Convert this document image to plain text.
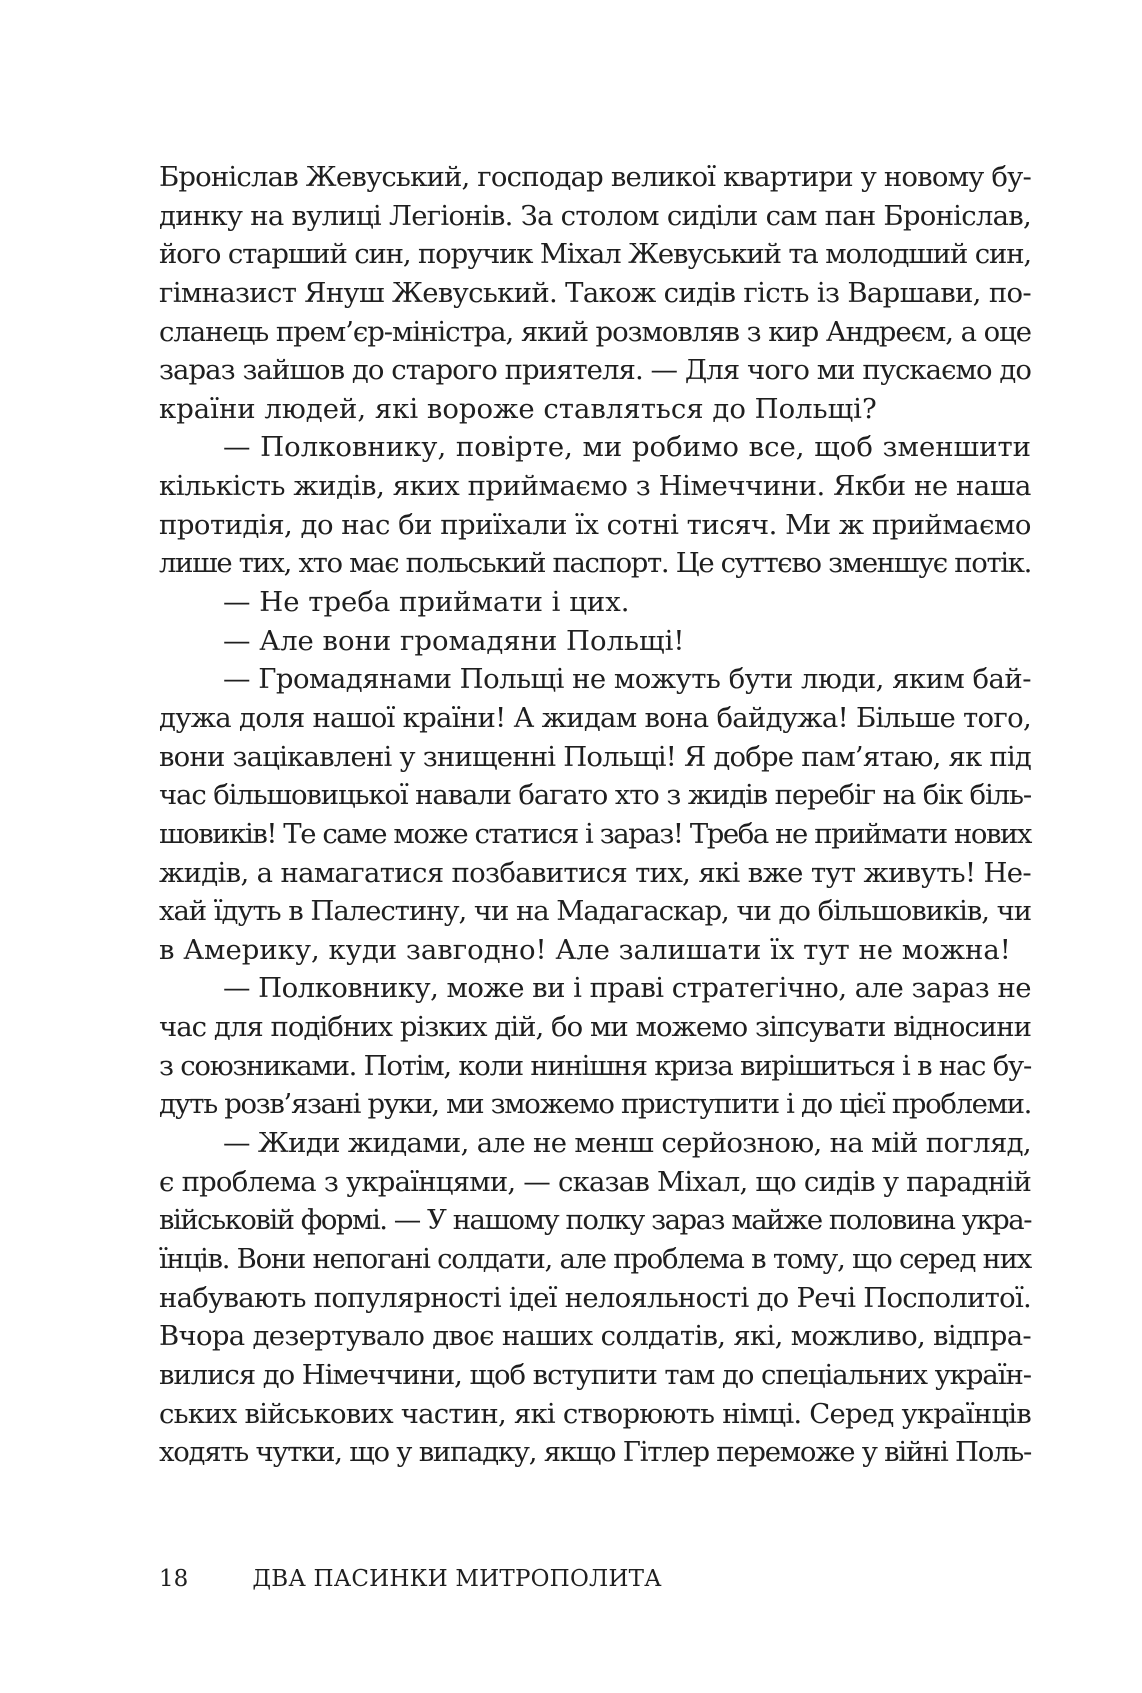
Броніслав Жевуський, господар великої квартири у новому бу-
динку на вулиці Легіонів. За столом сиділи сам пан Броніслав,
його старший син, поручик Міхал Жевуський та молодший син,
гімназист Януш Жевуський. Також сидів гість із Варшави, по-
сланець прем’єр-міністра, який розмовляв з кир Андреєм, а оце
зараз зайшов до старого приятеля. — Для чого ми пускаємо до
країни людей, які вороже ставляться до Польщі?
— Полковнику, повірте, ми робимо все, щоб зменшити
кількість жидів, яких приймаємо з Німеччини. Якби не наша
протидія, до нас би приїхали їх сотні тисяч. Ми ж приймаємо
лише тих, хто має польський паспорт. Це суттєво зменшує потік.
— Не треба приймати і цих.
— Але вони громадяни Польщі!
— Громадянами Польщі не можуть бути люди, яким бай-
дужа доля нашої країни! А жидам вона байдужа! Більше того,
вони зацікавлені у знищенні Польщі! Я добре пам’ятаю, як під
час більшовицької навали багато хто з жидів перебіг на бік біль-
шовиків! Те саме може статися і зараз! Треба не приймати нових
жидів, а намагатися позбавитися тих, які вже тут живуть! Не-
хай їдуть в Палестину, чи на Мадагаскар, чи до більшовиків, чи
в Америку, куди завгодно! Але залишати їх тут не можна!
— Полковнику, може ви і праві стратегічно, але зараз не
час для подібних різких дій, бо ми можемо зіпсувати відносини
з союзниками. Потім, коли нинішня криза вирішиться і в нас бу-
дуть розв’язані руки, ми зможемо приступити і до цієї проблеми.
— Жиди жидами, але не менш серйозною, на мій погляд,
є проблема з українцями, — сказав Міхал, що сидів у парадній
військовій формі. — У нашому полку зараз майже половина укра-
їнців. Вони непогані солдати, але проблема в тому, що серед них
набувають популярності ідеї нелояльності до Речі Посполитої.
Вчора дезертувало двоє наших солдатів, які, можливо, відпра-
вилися до Німеччини, щоб вступити там до спеціальних україн-
ських військових частин, які створюють німці. Серед українців
ходять чутки, що у випадку, якщо Гітлер переможе у війні Поль-
18	ДВА ПАСИНКИ МИТРОПОЛИТА
